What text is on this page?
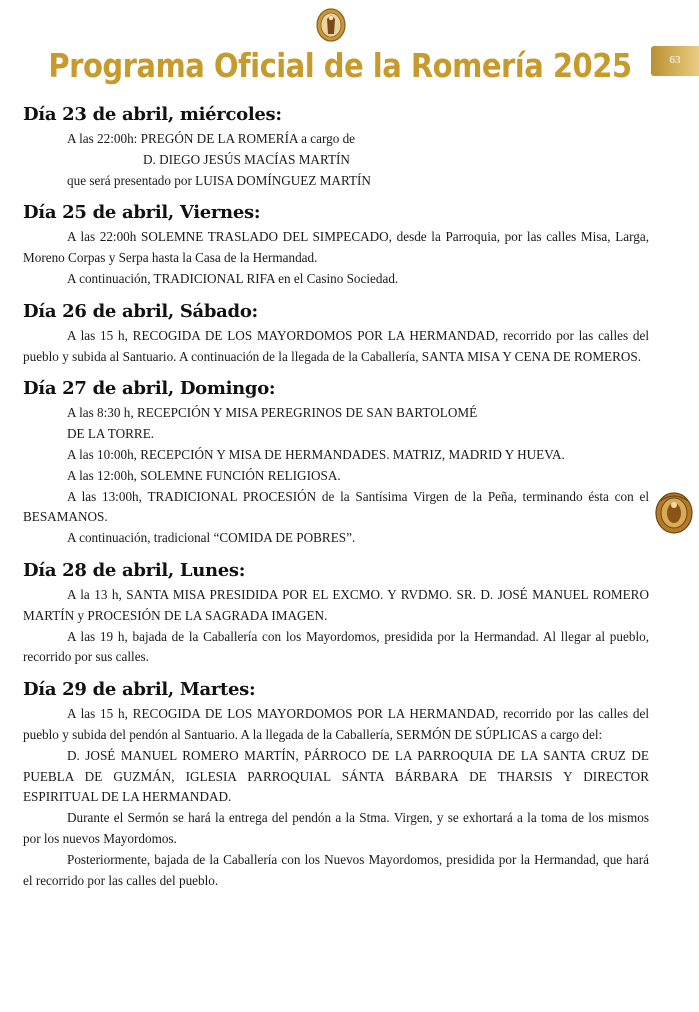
Programa Oficial de la Romería 2025	63
Día 23 de abril, miércoles:

A las 22:00h: PREGÓN DE LA ROMERÍA a cargo de

D. DIEGO JESÚS MACÍAS MARTÍN

que será presentado por LUISA DOMÍNGUEZ MARTÍN

Día 25 de abril, Viernes:

A las 22:00h SOLEMNE TRASLADO DEL SIMPECADO, desde la Parroquia, por las calles Misa, Larga, Moreno Corpas y Serpa hasta la Casa de la Hermandad.

A continuación, TRADICIONAL RIFA en el Casino Sociedad.

Día 26 de abril, Sábado:

A las 15 h, RECOGIDA DE LOS MAYORDOMOS POR LA HERMANDAD, recorrido por las calles del pueblo y subida al Santuario. A continuación de la llegada de la Caballería, SANTA MISA Y CENA DE ROMEROS.

Día 27 de abril, Domingo:

A las 8:30 h, RECEPCIÓN Y MISA PEREGRINOS DE SAN BARTOLOMÉ

DE LA TORRE.

A las 10:00h, RECEPCIÓN Y MISA DE HERMANDADES. MATRIZ, MADRID Y HUEVA.

A las 12:00h, SOLEMNE FUNCIÓN RELIGIOSA.

A las 13:00h, TRADICIONAL PROCESIÓN de la Santísima Virgen de la Peña, terminando ésta con el BESAMANOS.

A continuación, tradicional “COMIDA DE POBRES”.

Día 28 de abril, Lunes:

A la 13 h, SANTA MISA PRESIDIDA POR EL EXCMO. Y RVDMO. SR. D. JOSÉ MANUEL ROMERO MARTÍN y PROCESIÓN DE LA SAGRADA IMAGEN.

A las 19 h, bajada de la Caballería con los Mayordomos, presidida por la Hermandad. Al llegar al pueblo, recorrido por sus calles.

Día 29 de abril, Martes:

A las 15 h, RECOGIDA DE LOS MAYORDOMOS POR LA HERMANDAD, recorrido por las calles del pueblo y subida del pendón al Santuario. A la llegada de la Caballería, SERMÓN DE SÚPLICAS a cargo del:

D. JOSÉ MANUEL ROMERO MARTÍN, PÁRROCO DE LA PARROQUIA DE LA SANTA CRUZ DE PUEBLA DE GUZMÁN, IGLESIA PARROQUIAL SÁNTA BÁRBARA DE THARSIS Y DIRECTOR ESPIRITUAL DE LA HERMANDAD.

Durante el Sermón se hará la entrega del pendón a la Stma. Virgen, y se exhortará a la toma de los mismos por los nuevos Mayordomos.

Posteriormente, bajada de la Caballería con los Nuevos Mayordomos, presidida por la Hermandad, que hará el recorrido por las calles del pueblo.
